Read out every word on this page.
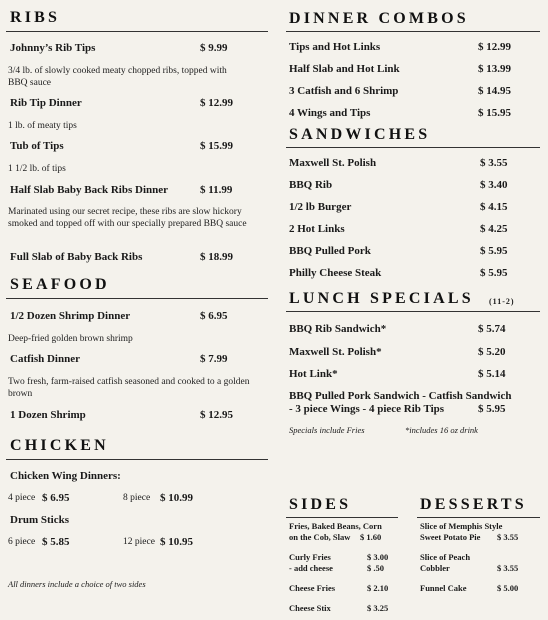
RIBS
Johnny’s Rib Tips	$ 9.99
3/4 lb. of slowly cooked meaty chopped ribs, topped with BBQ sauce
Rib Tip Dinner	$ 12.99
1 lb. of meaty tips
Tub of Tips	$ 15.99
1 1/2 lb. of tips
Half Slab Baby Back Ribs Dinner	$ 11.99
Marinated using our secret recipe, these ribs are slow hickory smoked and topped off with our specially prepared BBQ sauce
Full Slab of Baby Back Ribs	$ 18.99
SEAFOOD
1/2 Dozen Shrimp Dinner	$ 6.95
Deep-fried golden brown shrimp
Catfish Dinner	$ 7.99
Two fresh, farm-raised catfish seasoned and cooked to a golden brown
1 Dozen Shrimp	$ 12.95
CHICKEN
Chicken Wing Dinners:
4 piece $ 6.95	8 piece $ 10.99
Drum Sticks
6 piece $ 5.85	12 piece $ 10.95
All dinners include a choice of two sides
DINNER COMBOS
Tips and Hot Links	$ 12.99
Half Slab and Hot Link	$ 13.99
3 Catfish and 6 Shrimp	$ 14.95
4 Wings and Tips	$ 15.95
SANDWICHES
Maxwell St. Polish	$ 3.55
BBQ Rib	$ 3.40
1/2 lb Burger	$ 4.15
2 Hot Links	$ 4.25
BBQ Pulled Pork	$ 5.95
Philly Cheese Steak	$ 5.95
LUNCH SPECIALS (11-2)
BBQ Rib Sandwich*	$ 5.74
Maxwell St. Polish*	$ 5.20
Hot Link*	$ 5.14
BBQ Pulled Pork Sandwich - Catfish Sandwich
- 3 piece Wings - 4 piece Rib Tips	$ 5.95
Specials include Fries	*includes 16 oz drink
SIDES
Fries, Baked Beans, Corn
on the Cob, Slaw $ 1.60
Curly Fries	$ 3.00
- add cheese	$ .50
Cheese Fries	$ 2.10
Cheese Stix	$ 3.25
DESSERTS
Slice of Memphis Style
Sweet Potato Pie $ 3.55
Slice of Peach
Cobbler	$ 3.55
Funnel Cake	$ 5.00
